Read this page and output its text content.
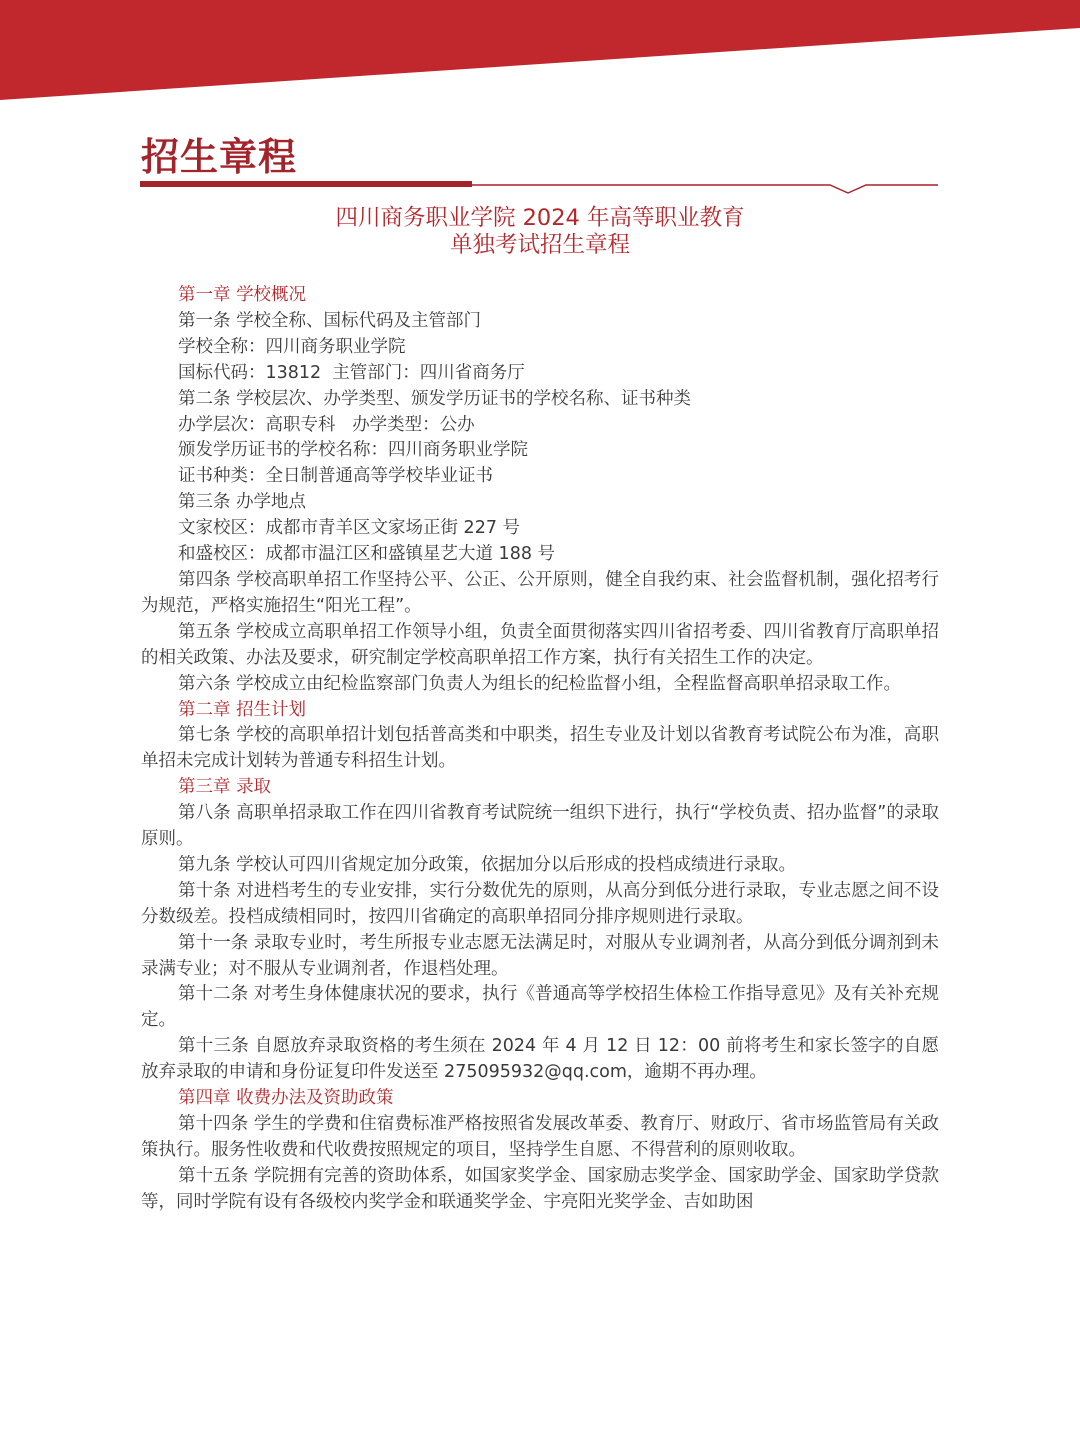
招生章程
四川商务职业学院 2024 年高等职业教育
单独考试招生章程

第一章 学校概况

第一条 学校全称、国标代码及主管部门

学校全称：四川商务职业学院

国标代码：13812  主管部门：四川省商务厅

第二条 学校层次、办学类型、颁发学历证书的学校名称、证书种类

办学层次：高职专科   办学类型：公办

颁发学历证书的学校名称：四川商务职业学院

证书种类：全日制普通高等学校毕业证书

第三条 办学地点

文家校区：成都市青羊区文家场正街 227 号

和盛校区：成都市温江区和盛镇星艺大道 188 号

第四条 学校高职单招工作坚持公平、公正、公开原则，健全自我约束、社会监督机制，强化招考行为规范，严格实施招生“阳光工程”。

第五条 学校成立高职单招工作领导小组，负责全面贯彻落实四川省招考委、四川省教育厅高职单招的相关政策、办法及要求，研究制定学校高职单招工作方案，执行有关招生工作的决定。

第六条 学校成立由纪检监察部门负责人为组长的纪检监督小组，全程监督高职单招录取工作。

第二章 招生计划

第七条 学校的高职单招计划包括普高类和中职类，招生专业及计划以省教育考试院公布为准，高职单招未完成计划转为普通专科招生计划。

第三章 录取

第八条 高职单招录取工作在四川省教育考试院统一组织下进行，执行“学校负责、招办监督”的录取原则。

第九条 学校认可四川省规定加分政策，依据加分以后形成的投档成绩进行录取。

第十条 对进档考生的专业安排，实行分数优先的原则，从高分到低分进行录取，专业志愿之间不设分数级差。投档成绩相同时，按四川省确定的高职单招同分排序规则进行录取。

第十一条 录取专业时，考生所报专业志愿无法满足时，对服从专业调剂者，从高分到低分调剂到未录满专业；对不服从专业调剂者，作退档处理。

第十二条 对考生身体健康状况的要求，执行《普通高等学校招生体检工作指导意见》及有关补充规定。

第十三条 自愿放弃录取资格的考生须在 2024 年 4 月 12 日 12：00 前将考生和家长签字的自愿放弃录取的申请和身份证复印件发送至 275095932@qq.com，逾期不再办理。

第四章 收费办法及资助政策

第十四条 学生的学费和住宿费标准严格按照省发展改革委、教育厅、财政厅、省市场监管局有关政策执行。服务性收费和代收费按照规定的项目，坚持学生自愿、不得营利的原则收取。

第十五条 学院拥有完善的资助体系，如国家奖学金、国家励志奖学金、国家助学金、国家助学贷款等，同时学院有设有各级校内奖学金和联通奖学金、宇亮阳光奖学金、吉如助困
